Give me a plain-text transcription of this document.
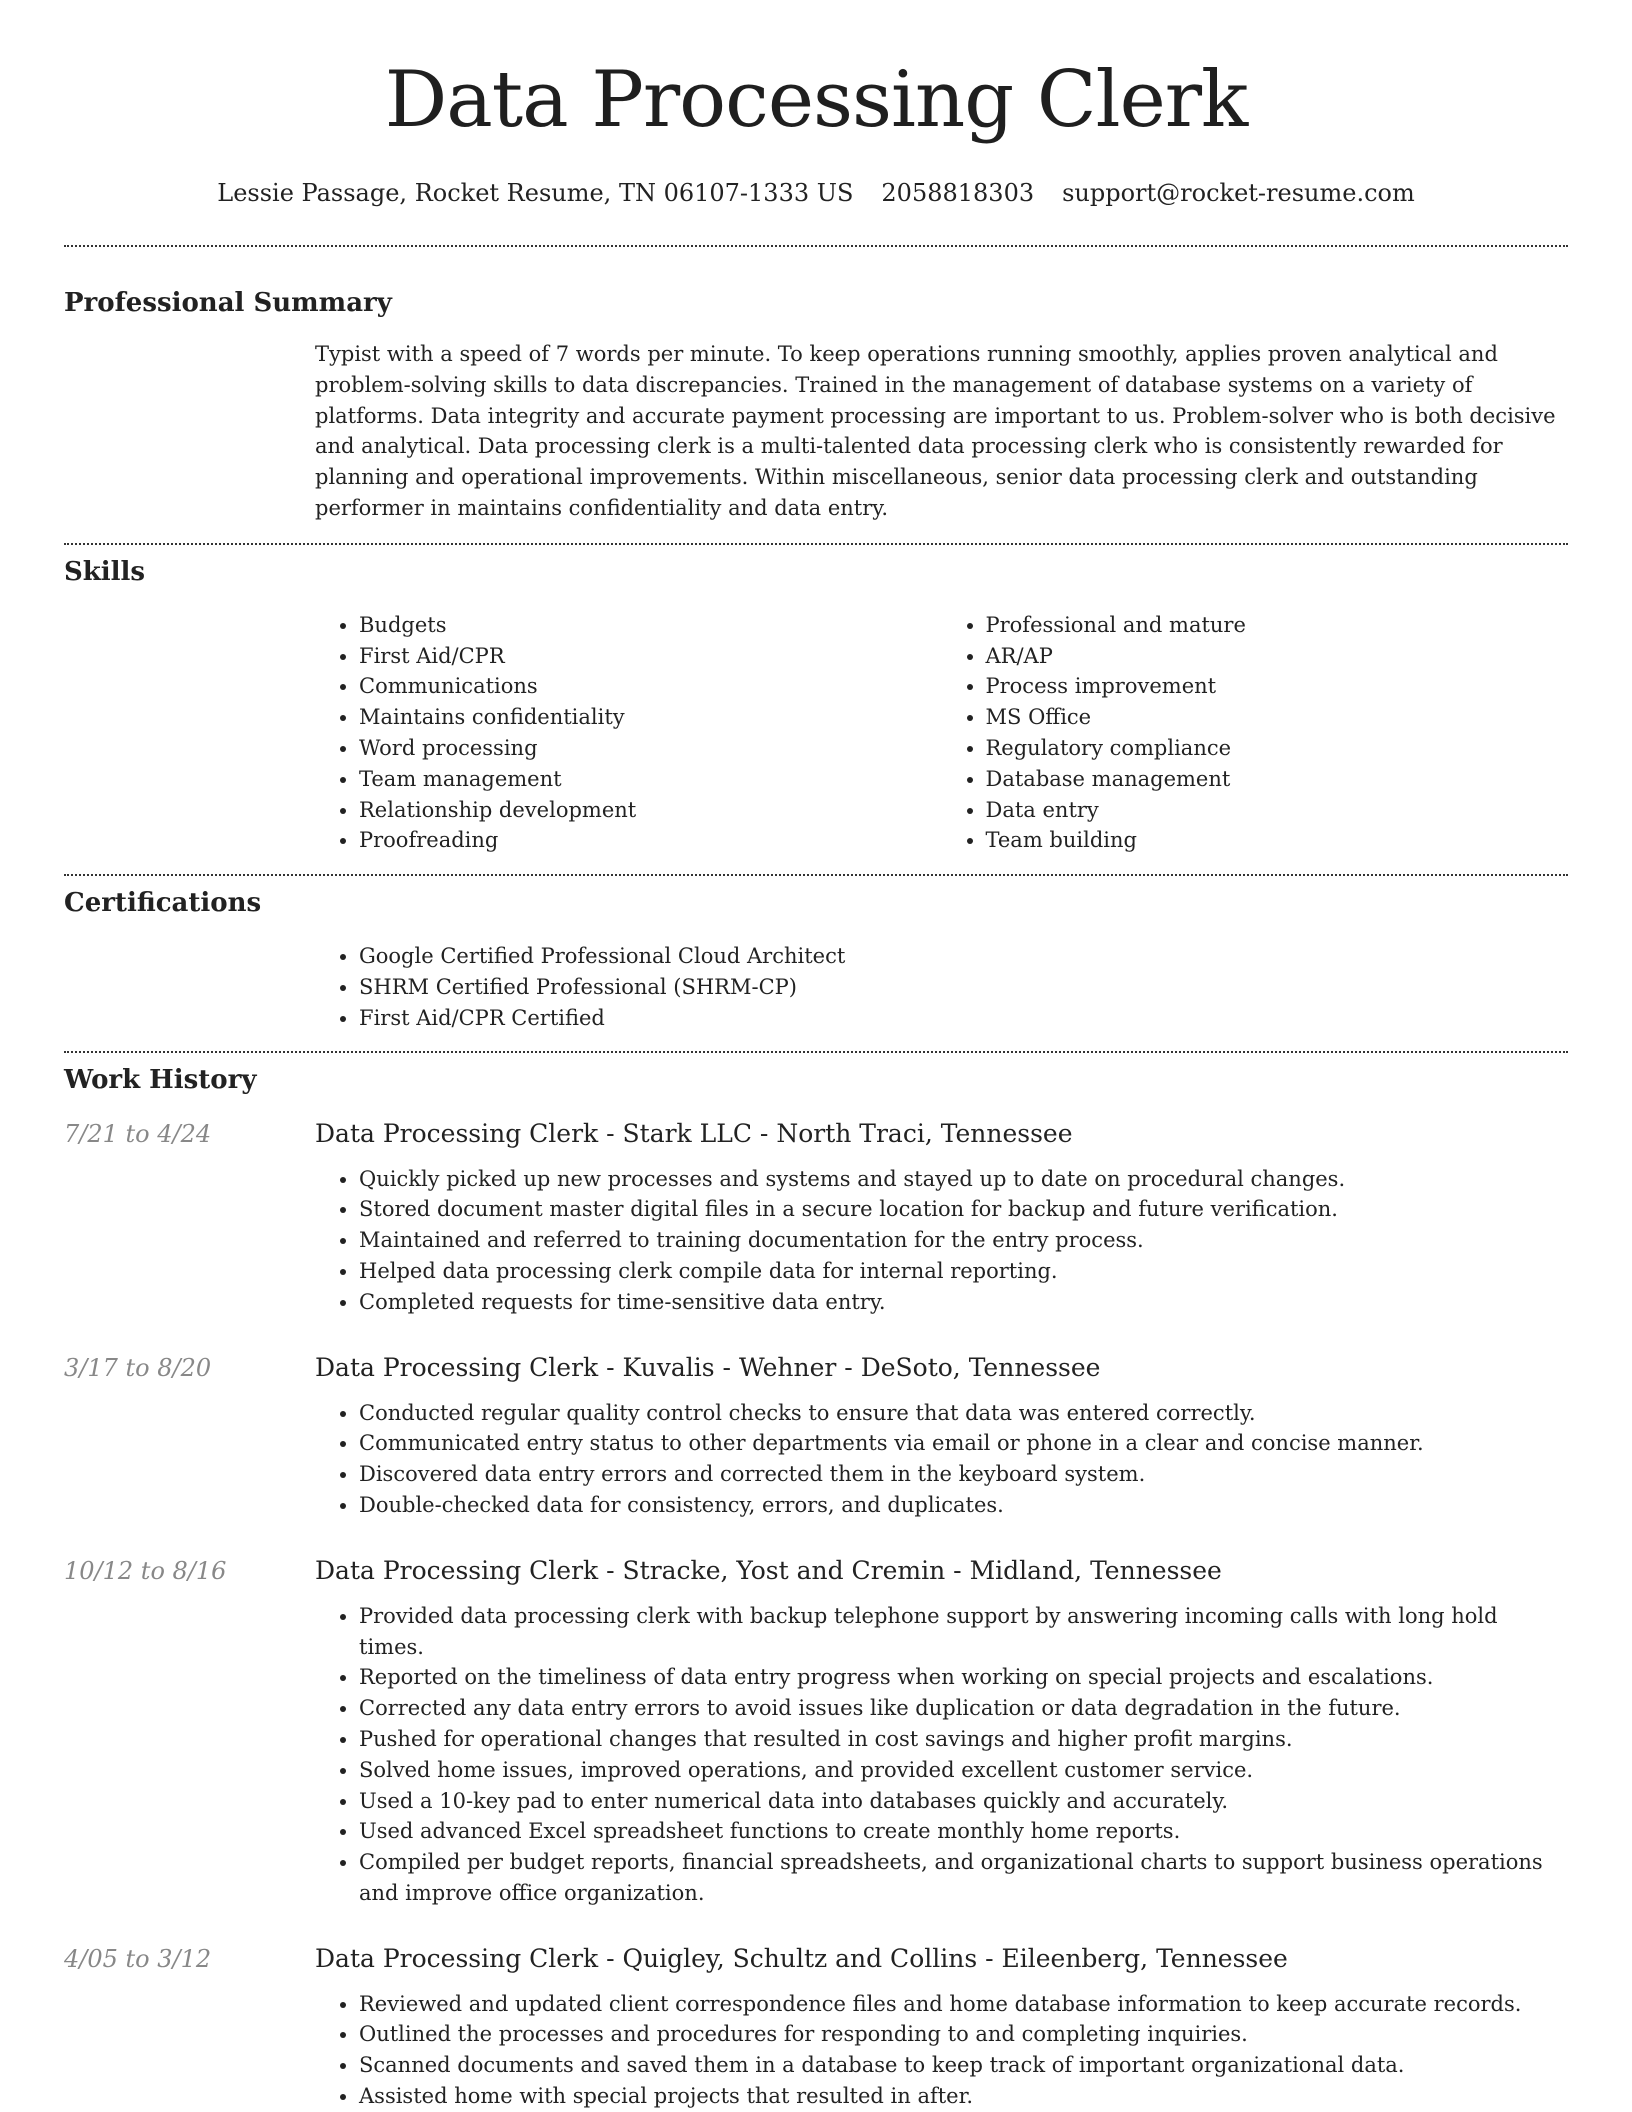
Data Processing Clerk
Lessie Passage, Rocket Resume, TN 06107-1333 US 2058818303 support@rocket-resume.com
Professional Summary

Typist with a speed of 7 words per minute. To keep operations running smoothly, applies proven analytical and problem-solving skills to data discrepancies. Trained in the management of database systems on a variety of platforms. Data integrity and accurate payment processing are important to us. Problem-solver who is both decisive and analytical. Data processing clerk is a multi-talented data processing clerk who is consistently rewarded for planning and operational improvements. Within miscellaneous, senior data processing clerk and outstanding performer in maintains confidentiality and data entry.

Skills
• Budgets
• First Aid/CPR
• Communications
• Maintains confidentiality
• Word processing
• Team management
• Relationship development
• Proofreading
• Professional and mature
• AR/AP
• Process improvement
• MS Office
• Regulatory compliance
• Database management
• Data entry
• Team building
Certifications
• Google Certified Professional Cloud Architect
• SHRM Certified Professional (SHRM-CP)
• First Aid/CPR Certified
Work History
7/21 to 4/24	Data Processing Clerk - Stark LLC - North Traci, Tennessee
• Quickly picked up new processes and systems and stayed up to date on procedural changes.
• Stored document master digital files in a secure location for backup and future verification.
• Maintained and referred to training documentation for the entry process.
• Helped data processing clerk compile data for internal reporting.
• Completed requests for time-sensitive data entry.
3/17 to 8/20	Data Processing Clerk - Kuvalis - Wehner - DeSoto, Tennessee
• Conducted regular quality control checks to ensure that data was entered correctly.
• Communicated entry status to other departments via email or phone in a clear and concise manner.
• Discovered data entry errors and corrected them in the keyboard system.
• Double-checked data for consistency, errors, and duplicates.
10/12 to 8/16	Data Processing Clerk - Stracke, Yost and Cremin - Midland, Tennessee
• Provided data processing clerk with backup telephone support by answering incoming calls with long hold times.
• Reported on the timeliness of data entry progress when working on special projects and escalations.
• Corrected any data entry errors to avoid issues like duplication or data degradation in the future.
• Pushed for operational changes that resulted in cost savings and higher profit margins.
• Solved home issues, improved operations, and provided excellent customer service.
• Used a 10-key pad to enter numerical data into databases quickly and accurately.
• Used advanced Excel spreadsheet functions to create monthly home reports.
• Compiled per budget reports, financial spreadsheets, and organizational charts to support business operations and improve office organization.
4/05 to 3/12	Data Processing Clerk - Quigley, Schultz and Collins - Eileenberg, Tennessee
• Reviewed and updated client correspondence files and home database information to keep accurate records.
• Outlined the processes and procedures for responding to and completing inquiries.
• Scanned documents and saved them in a database to keep track of important organizational data.
• Assisted home with special projects that resulted in after.
